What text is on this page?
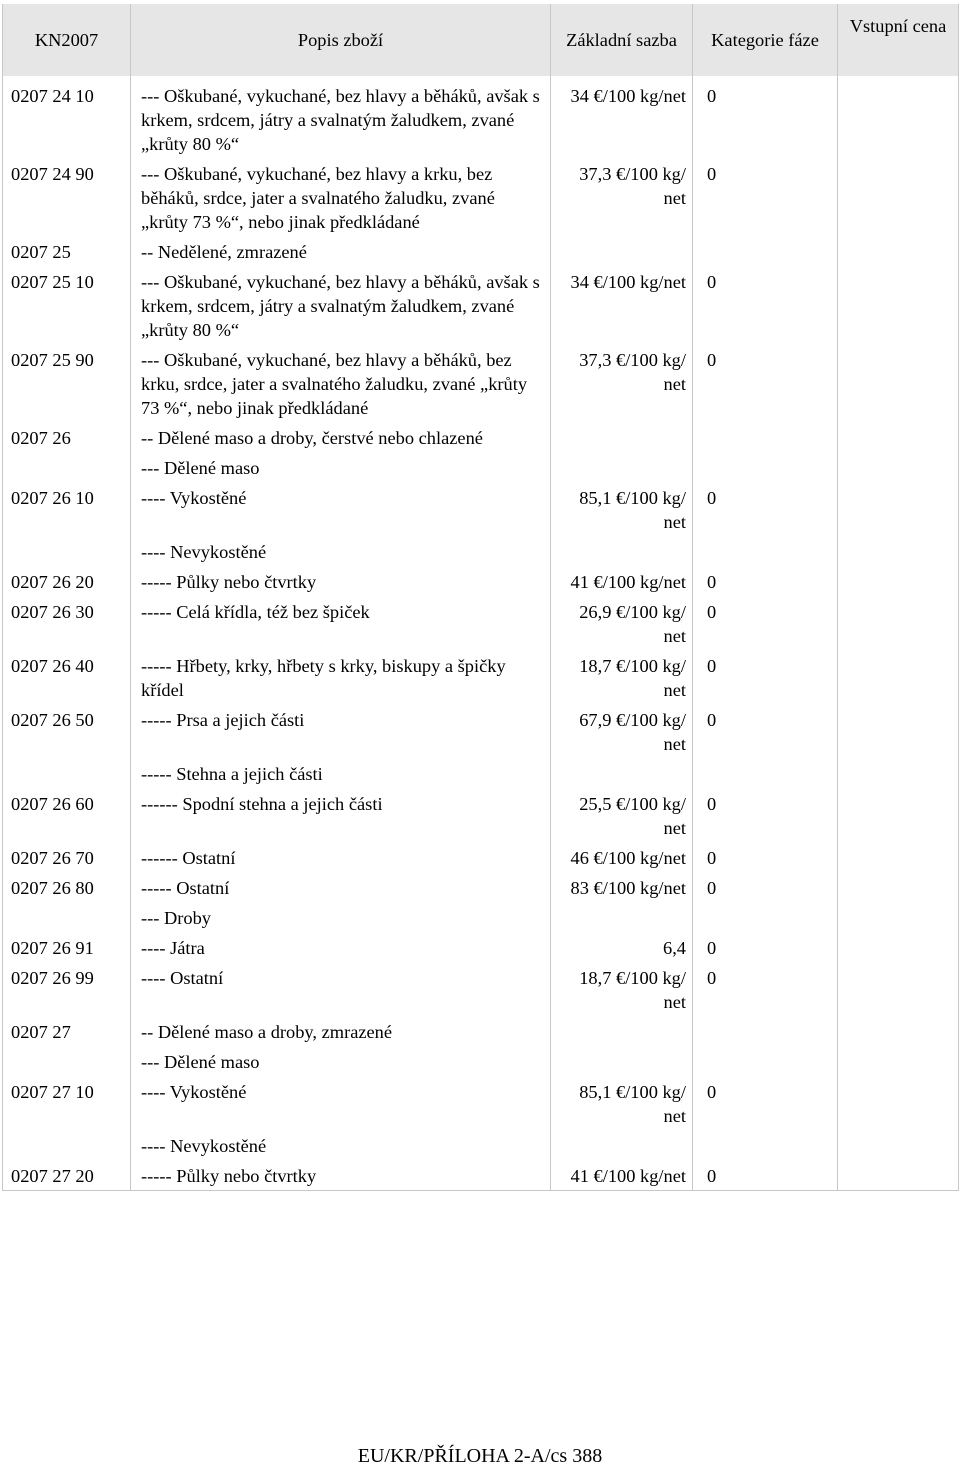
KN2007	Popis zboží	Základní sazba	Kategorie fáze	Vstupní cena
0207 24 10	--- Oškubané, vykuchané, bez hlavy a běháků, avšak s krkem, srdcem, játry a svalnatým žaludkem, zvané „krůty 80 %“	34 €/100 kg/net	0	
0207 24 90	--- Oškubané, vykuchané, bez hlavy a krku, bez běháků, srdce, jater a svalnatého žaludku, zvané „krůty 73 %“, nebo jinak předkládané	37,3 €/100 kg/ net	0	
0207 25	-- Nedělené, zmrazené			
0207 25 10	--- Oškubané, vykuchané, bez hlavy a běháků, avšak s krkem, srdcem, játry a svalnatým žaludkem, zvané „krůty 80 %“	34 €/100 kg/net	0	
0207 25 90	--- Oškubané, vykuchané, bez hlavy a běháků, bez krku, srdce, jater a svalnatého žaludku, zvané „krůty 73 %“, nebo jinak předkládané	37,3 €/100 kg/ net	0	
0207 26	-- Dělené maso a droby, čerstvé nebo chlazené			
	--- Dělené maso			
0207 26 10	---- Vykostěné	85,1 €/100 kg/ net	0	
	---- Nevykostěné			
0207 26 20	----- Půlky nebo čtvrtky	41 €/100 kg/net	0	
0207 26 30	----- Celá křídla, též bez špiček	26,9 €/100 kg/ net	0	
0207 26 40	----- Hřbety, krky, hřbety s krky, biskupy a špičky křídel	18,7 €/100 kg/ net	0	
0207 26 50	----- Prsa a jejich části	67,9 €/100 kg/ net	0	
	----- Stehna a jejich části			
0207 26 60	------ Spodní stehna a jejich části	25,5 €/100 kg/ net	0	
0207 26 70	------ Ostatní	46 €/100 kg/net	0	
0207 26 80	----- Ostatní	83 €/100 kg/net	0	
	--- Droby			
0207 26 91	---- Játra	6,4	0	
0207 26 99	---- Ostatní	18,7 €/100 kg/ net	0	
0207 27	-- Dělené maso a droby, zmrazené			
	--- Dělené maso			
0207 27 10	---- Vykostěné	85,1 €/100 kg/ net	0	
	---- Nevykostěné			
0207 27 20	----- Půlky nebo čtvrtky	41 €/100 kg/net	0	
EU/KR/PŘÍLOHA 2-A/cs 388
